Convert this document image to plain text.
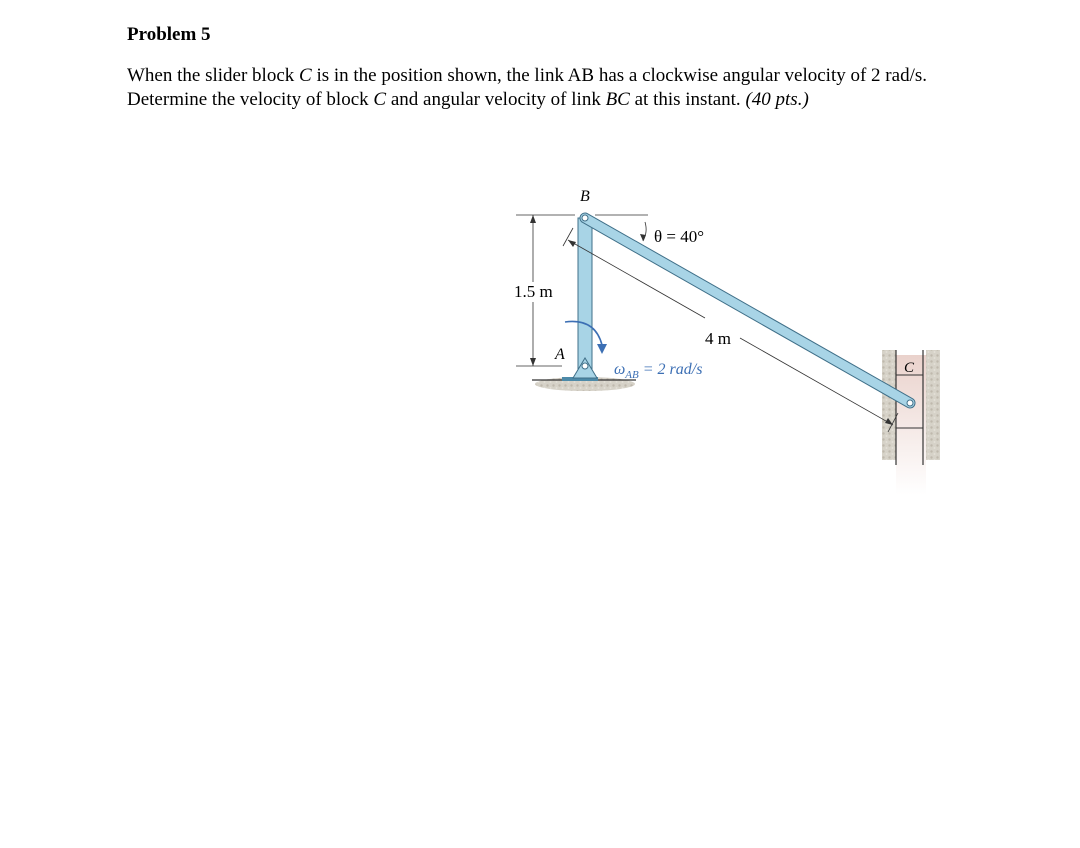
Problem 5
When the slider block C is in the position shown, the link AB has a clockwise angular velocity of 2 rad/s. Determine the velocity of block C and angular velocity of link BC at this instant. (40 pts.)
B
A
C
θ = 40°
1.5 m
4 m
$\omega_{AB} = 2$ rad/s
